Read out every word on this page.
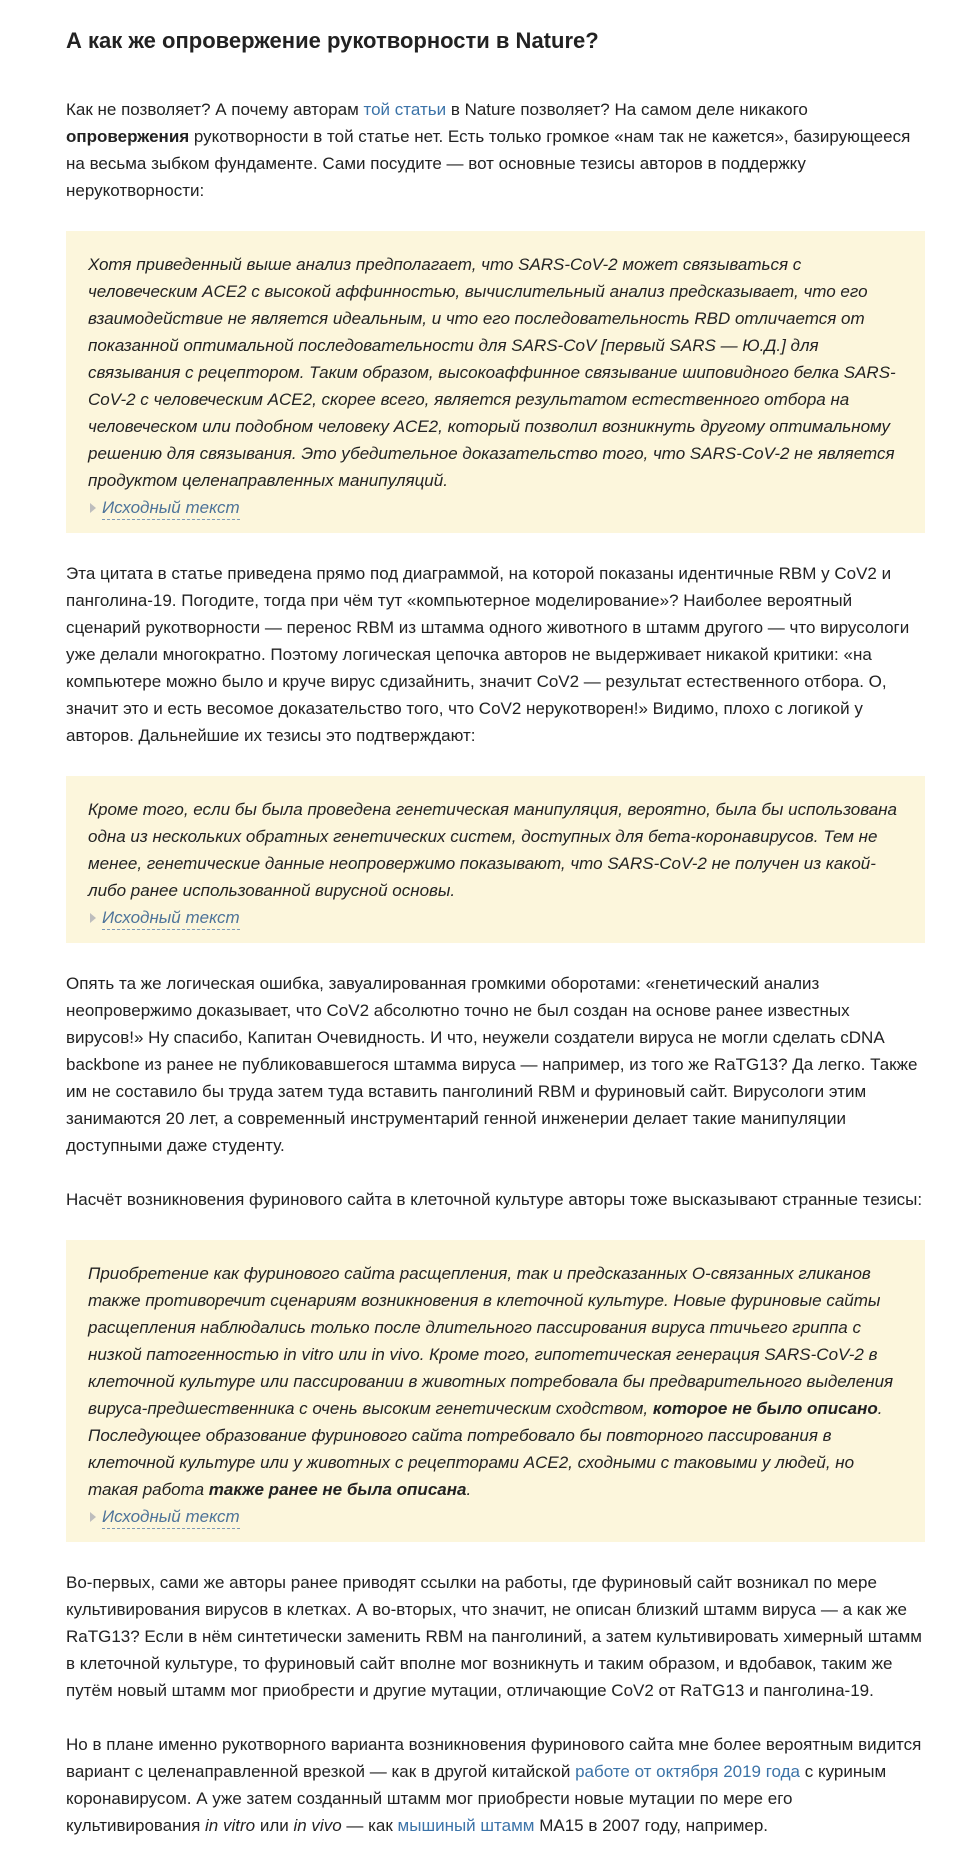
А как же опровержение рукотворности в Nature?

Как не позволяет? А почему авторам той статьи в Nature позволяет? На самом деле никакого опровержения рукотворности в той статье нет. Есть только громкое «нам так не кажется», базирующееся на весьма зыбком фундаменте. Сами посудите — вот основные тезисы авторов в поддержку нерукотворности:

Хотя приведенный выше анализ предполагает, что SARS-CoV-2 может связываться с человеческим ACE2 с высокой аффинностью, вычислительный анализ предсказывает, что его взаимодействие не является идеальным, и что его последовательность RBD отличается от показанной оптимальной последовательности для SARS-CoV [первый SARS — Ю.Д.] для связывания с рецептором. Таким образом, высокоаффинное связывание шиповидного белка SARS-CoV-2 с человеческим ACE2, скорее всего, является результатом естественного отбора на человеческом или подобном человеку ACE2, который позволил возникнуть другому оптимальному решению для связывания. Это убедительное доказательство того, что SARS-CoV-2 не является продуктом целенаправленных манипуляций.

Исходный текст

Эта цитата в статье приведена прямо под диаграммой, на которой показаны идентичные RBM у CoV2 и панголина-19. Погодите, тогда при чём тут «компьютерное моделирование»? Наиболее вероятный сценарий рукотворности — перенос RBM из штамма одного животного в штамм другого — что вирусологи уже делали многократно. Поэтому логическая цепочка авторов не выдерживает никакой критики: «на компьютере можно было и круче вирус сдизайнить, значит CoV2 — результат естественного отбора. О, значит это и есть весомое доказательство того, что CoV2 нерукотворен!» Видимо, плохо с логикой у авторов. Дальнейшие их тезисы это подтверждают:

Кроме того, если бы была проведена генетическая манипуляция, вероятно, была бы использована одна из нескольких обратных генетических систем, доступных для бета-коронавирусов. Тем не менее, генетические данные неопровержимо показывают, что SARS-CoV-2 не получен из какой-либо ранее использованной вирусной основы.

Исходный текст

Опять та же логическая ошибка, завуалированная громкими оборотами: «генетический анализ неопровержимо доказывает, что CoV2 абсолютно точно не был создан на основе ранее известных вирусов!» Ну спасибо, Капитан Очевидность. И что, неужели создатели вируса не могли сделать cDNA backbone из ранее не публиковавшегося штамма вируса — например, из того же RaTG13? Да легко. Также им не составило бы труда затем туда вставить панголиний RBM и фуриновый сайт. Вирусологи этим занимаются 20 лет, а современный инструментарий генной инженерии делает такие манипуляции доступными даже студенту.

Насчёт возникновения фуринового сайта в клеточной культуре авторы тоже высказывают странные тезисы:

Приобретение как фуринового сайта расщепления, так и предсказанных O-связанных гликанов также противоречит сценариям возникновения в клеточной культуре. Новые фуриновые сайты расщепления наблюдались только после длительного пассирования вируса птичьего гриппа с низкой патогенностью in vitro или in vivo. Кроме того, гипотетическая генерация SARS-CoV-2 в клеточной культуре или пассировании в животных потребовала бы предварительного выделения вируса-предшественника с очень высоким генетическим сходством, которое не было описано. Последующее образование фуринового сайта потребовало бы повторного пассирования в клеточной культуре или у животных с рецепторами ACE2, сходными с таковыми у людей, но такая работа также ранее не была описана.

Исходный текст

Во-первых, сами же авторы ранее приводят ссылки на работы, где фуриновый сайт возникал по мере культивирования вирусов в клетках. А во-вторых, что значит, не описан близкий штамм вируса — а как же RaTG13? Если в нём синтетически заменить RBM на панголиний, а затем культивировать химерный штамм в клеточной культуре, то фуриновый сайт вполне мог возникнуть и таким образом, и вдобавок, таким же путём новый штамм мог приобрести и другие мутации, отличающие CoV2 от RaTG13 и панголина-19.

Но в плане именно рукотворного варианта возникновения фуринового сайта мне более вероятным видится вариант с целенаправленной врезкой — как в другой китайской работе от октября 2019 года с куриным коронавирусом. А уже затем созданный штамм мог приобрести новые мутации по мере его культивирования in vitro или in vivo — как мышиный штамм MA15 в 2007 году, например.
